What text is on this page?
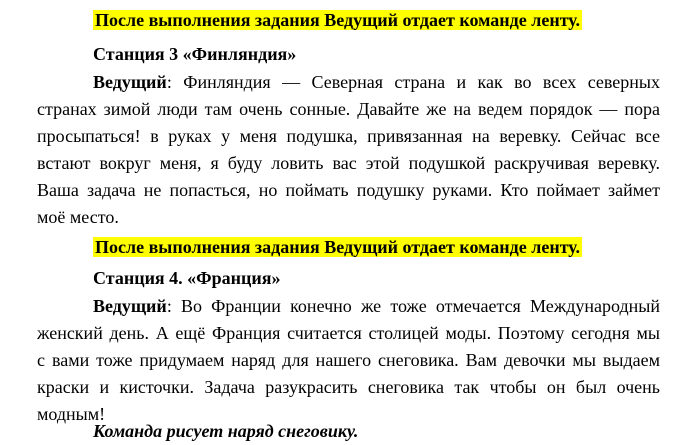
После выполнения задания Ведущий отдает команде ленту.

Станция 3 «Финляндия»

Ведущий: Финляндия — Северная страна и как во всех северных
странах зимой люди там очень сонные. Давайте же на ведем порядок — пора
просыпаться! в руках у меня подушка, привязанная на веревку. Сейчас все
встают вокруг меня, я буду ловить вас этой подушкой раскручивая веревку.
Ваша задача не попасться, но поймать подушку руками. Кто поймает займет
моё место.

После выполнения задания Ведущий отдает команде ленту.

Станция 4. «Франция»

Ведущий: Во Франции конечно же тоже отмечается Международный
женский день. А ещё Франция считается столицей моды. Поэтому сегодня мы
с вами тоже придумаем наряд для нашего снеговика. Вам девочки мы выдаем
краски и кисточки. Задача разукрасить снеговика так чтобы он был очень
модным!

Команда рисует наряд снеговику.
